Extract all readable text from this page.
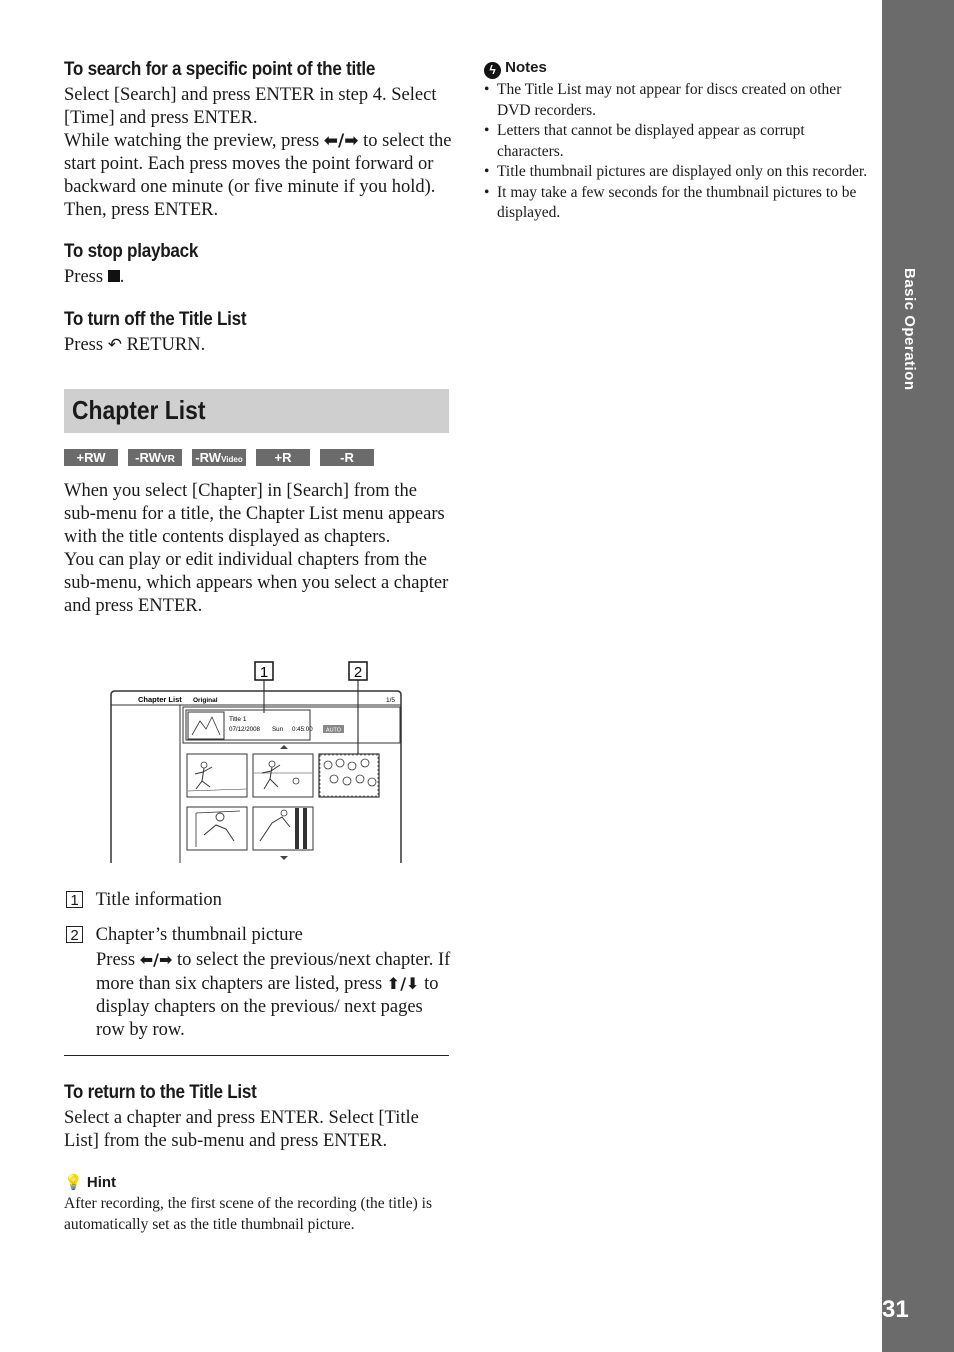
Basic Operation
31
To search for a specific point of the title
Select [Search] and press ENTER in step 4. Select [Time] and press ENTER.
While watching the preview, press ⬅/➡ to select the start point. Each press moves the point forward or backward one minute (or five minute if you hold). Then, press ENTER.
To stop playback
Press .
To turn off the Title List
Press ↶ RETURN.
Chapter List
+RW	-RWVR	-RWVideo	+R	-R
When you select [Chapter] in [Search] from the sub-menu for a title, the Chapter List menu appears with the title contents displayed as chapters.
You can play or edit individual chapters from the sub-menu, which appears when you select a chapter and press ENTER.
1	2
Chapter List Original	1/5
Title 1
07/12/2008 Sun 0:45:00 AUTO
1 Title information
2 Chapter’s thumbnail picture
Press ⬅/➡ to select the previous/next chapter. If more than six chapters are listed, press ⬆/⬇ to display chapters on the previous/ next pages row by row.
To return to the Title List
Select a chapter and press ENTER. Select [Title List] from the sub-menu and press ENTER.
💡 Hint
After recording, the first scene of the recording (the title) is automatically set as the title thumbnail picture.
ϟ Notes
• The Title List may not appear for discs created on other DVD recorders.
• Letters that cannot be displayed appear as corrupt characters.
• Title thumbnail pictures are displayed only on this recorder.
• It may take a few seconds for the thumbnail pictures to be displayed.
